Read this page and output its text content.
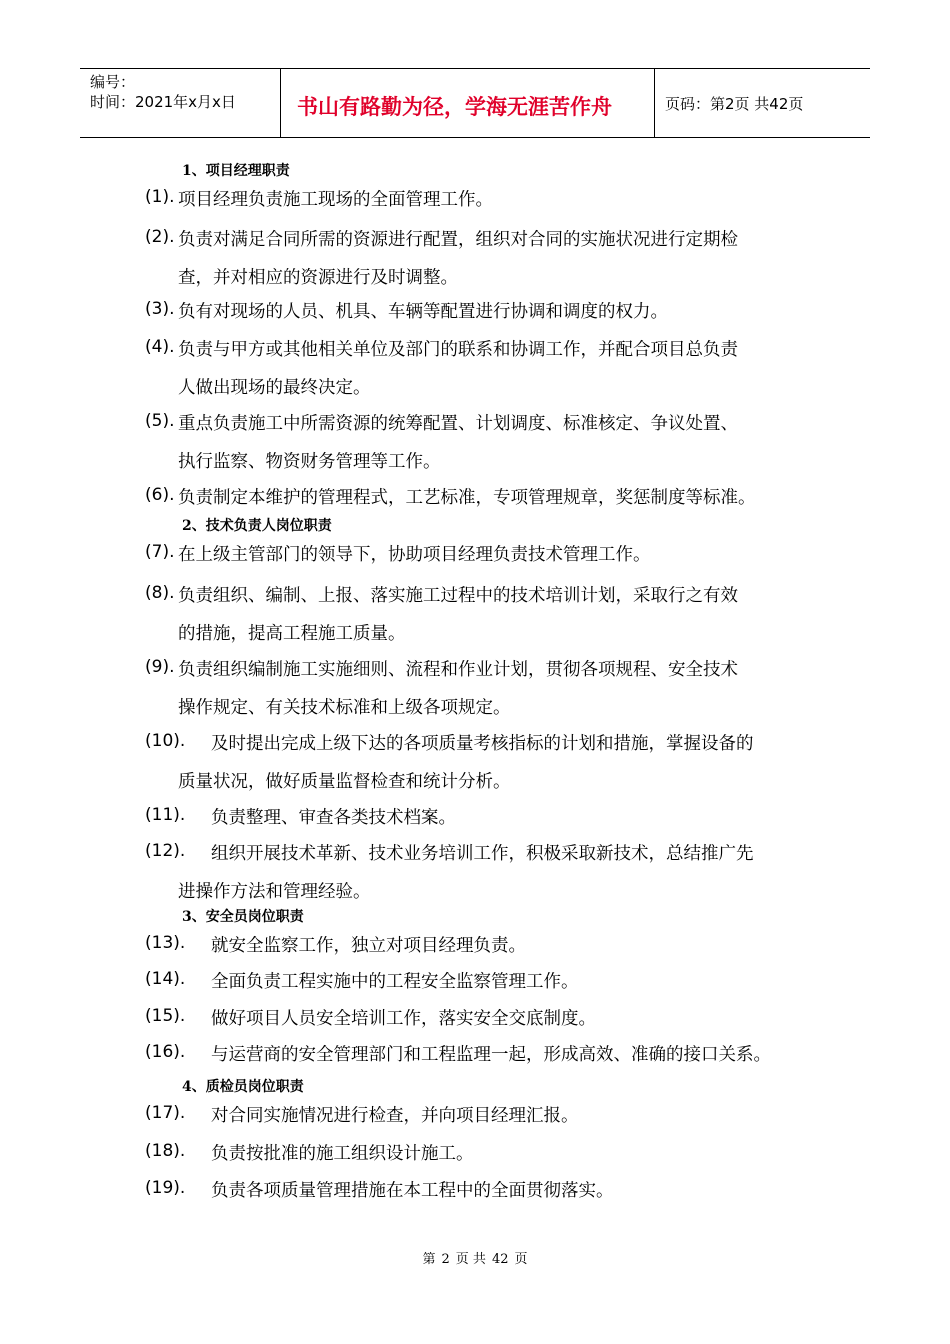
编号：
时间：2021年x月x日	书山有路勤为径，学海无涯苦作舟	页码：第2页 共42页
1、项目经理职责
(1). 项目经理负责施工现场的全面管理工作。
(2). 负责对满足合同所需的资源进行配置，组织对合同的实施状况进行定期检
查，并对相应的资源进行及时调整。
(3). 负有对现场的人员、机具、车辆等配置进行协调和调度的权力。
(4). 负责与甲方或其他相关单位及部门的联系和协调工作，并配合项目总负责
人做出现场的最终决定。
(5). 重点负责施工中所需资源的统筹配置、计划调度、标准核定、争议处置、
执行监察、物资财务管理等工作。
(6). 负责制定本维护的管理程式，工艺标准，专项管理规章，奖惩制度等标准。
2、技术负责人岗位职责
(7). 在上级主管部门的领导下，协助项目经理负责技术管理工作。
(8). 负责组织、编制、上报、落实施工过程中的技术培训计划，采取行之有效
的措施，提高工程施工质量。
(9). 负责组织编制施工实施细则、流程和作业计划，贯彻各项规程、安全技术
操作规定、有关技术标准和上级各项规定。
(10). 及时提出完成上级下达的各项质量考核指标的计划和措施，掌握设备的
质量状况，做好质量监督检查和统计分析。
(11). 负责整理、审查各类技术档案。
(12). 组织开展技术革新、技术业务培训工作，积极采取新技术，总结推广先
进操作方法和管理经验。
3、安全员岗位职责
(13). 就安全监察工作，独立对项目经理负责。
(14). 全面负责工程实施中的工程安全监察管理工作。
(15). 做好项目人员安全培训工作，落实安全交底制度。
(16). 与运营商的安全管理部门和工程监理一起，形成高效、准确的接口关系。
4、质检员岗位职责
(17). 对合同实施情况进行检查，并向项目经理汇报。
(18). 负责按批准的施工组织设计施工。
(19). 负责各项质量管理措施在本工程中的全面贯彻落实。
第 2 页 共 42 页
